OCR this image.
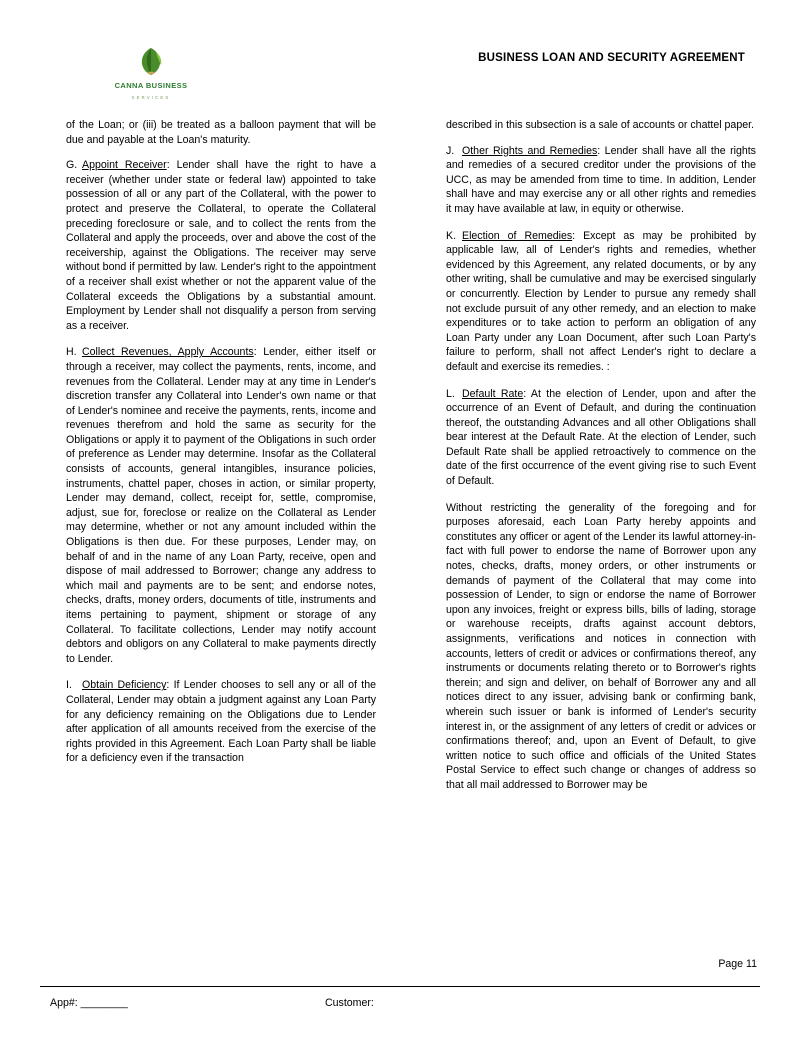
CANNA BUSINESS
SERVICES
BUSINESS LOAN AND SECURITY AGREEMENT

of the Loan; or (iii) be treated as a balloon payment that will be due and payable at the Loan's maturity.

G. Appoint Receiver: Lender shall have the right to have a receiver (whether under state or federal law) appointed to take possession of all or any part of the Collateral, with the power to protect and preserve the Collateral, to operate the Collateral preceding foreclosure or sale, and to collect the rents from the Collateral and apply the proceeds, over and above the cost of the receivership, against the Obligations. The receiver may serve without bond if permitted by law. Lender's right to the appointment of a receiver shall exist whether or not the apparent value of the Collateral exceeds the Obligations by a substantial amount. Employment by Lender shall not disqualify a person from serving as a receiver.

H. Collect Revenues, Apply Accounts: Lender, either itself or through a receiver, may collect the payments, rents, income, and revenues from the Collateral. Lender may at any time in Lender's discretion transfer any Collateral into Lender's own name or that of Lender's nominee and receive the payments, rents, income and revenues therefrom and hold the same as security for the Obligations or apply it to payment of the Obligations in such order of preference as Lender may determine. Insofar as the Collateral consists of accounts, general intangibles, insurance policies, instruments, chattel paper, choses in action, or similar property, Lender may demand, collect, receipt for, settle, compromise, adjust, sue for, foreclose or realize on the Collateral as Lender may determine, whether or not any amount included within the Obligations is then due. For these purposes, Lender may, on behalf of and in the name of any Loan Party, receive, open and dispose of mail addressed to Borrower; change any address to which mail and payments are to be sent; and endorse notes, checks, drafts, money orders, documents of title, instruments and items pertaining to payment, shipment or storage of any Collateral. To facilitate collections, Lender may notify account debtors and obligors on any Collateral to make payments directly to Lender.

I. Obtain Deficiency: If Lender chooses to sell any or all of the Collateral, Lender may obtain a judgment against any Loan Party for any deficiency remaining on the Obligations due to Lender after application of all amounts received from the exercise of the rights provided in this Agreement. Each Loan Party shall be liable for a deficiency even if the transaction

described in this subsection is a sale of accounts or chattel paper.

J. Other Rights and Remedies: Lender shall have all the rights and remedies of a secured creditor under the provisions of the UCC, as may be amended from time to time. In addition, Lender shall have and may exercise any or all other rights and remedies it may have available at law, in equity or otherwise.

K. Election of Remedies: Except as may be prohibited by applicable law, all of Lender's rights and remedies, whether evidenced by this Agreement, any related documents, or by any other writing, shall be cumulative and may be exercised singularly or concurrently. Election by Lender to pursue any remedy shall not exclude pursuit of any other remedy, and an election to make expenditures or to take action to perform an obligation of any Loan Party under any Loan Document, after such Loan Party's failure to perform, shall not affect Lender's right to declare a default and exercise its remedies. :

L. Default Rate: At the election of Lender, upon and after the occurrence of an Event of Default, and during the continuation thereof, the outstanding Advances and all other Obligations shall bear interest at the Default Rate. At the election of Lender, such Default Rate shall be applied retroactively to commence on the date of the first occurrence of the event giving rise to such Event of Default.

Without restricting the generality of the foregoing and for purposes aforesaid, each Loan Party hereby appoints and constitutes any officer or agent of the Lender its lawful attorney-in-fact with full power to endorse the name of Borrower upon any notes, checks, drafts, money orders, or other instruments or demands of payment of the Collateral that may come into possession of Lender, to sign or endorse the name of Borrower upon any invoices, freight or express bills, bills of lading, storage or warehouse receipts, drafts against account debtors, assignments, verifications and notices in connection with accounts, letters of credit or advices or confirmations thereof, any instruments or documents relating thereto or to Borrower's rights therein; and sign and deliver, on behalf of Borrower any and all notices direct to any issuer, advising bank or confirming bank, wherein such issuer or bank is informed of Lender's security interest in, or the assignment of any letters of credit or advices or confirmations thereof; and, upon an Event of Default, to give written notice to such office and officials of the United States Postal Service to effect such change or changes of address so that all mail addressed to Borrower may be

Page 11
App#: ________	Customer:
